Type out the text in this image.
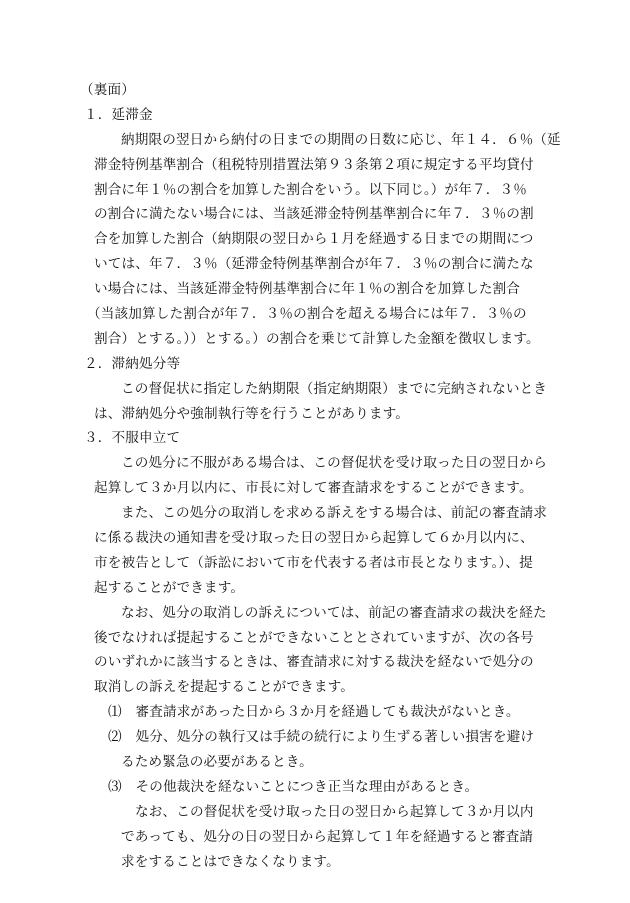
（裏面）
１．延滞金
納期限の翌日から納付の日までの期間の日数に応じ、年１４．６％（延
滞金特例基準割合（租税特別措置法第９３条第２項に規定する平均貸付
割合に年１％の割合を加算した割合をいう。以下同じ。）が年７．３％
の割合に満たない場合には、当該延滞金特例基準割合に年７．３％の割
合を加算した割合（納期限の翌日から１月を経過する日までの期間につ
いては、年７．３％（延滞金特例基準割合が年７．３％の割合に満たな
い場合には、当該延滞金特例基準割合に年１％の割合を加算した割合
（当該加算した割合が年７．３％の割合を超える場合には年７．３％の
割合）とする。））とする。）の割合を乗じて計算した金額を徴収します。
２．滞納処分等
この督促状に指定した納期限（指定納期限）までに完納されないとき
は、滞納処分や強制執行等を行うことがあります。
３．不服申立て
この処分に不服がある場合は、この督促状を受け取った日の翌日から
起算して３か月以内に、市長に対して審査請求をすることができます。
また、この処分の取消しを求める訴えをする場合は、前記の審査請求
に係る裁決の通知書を受け取った日の翌日から起算して６か月以内に、
市を被告として（訴訟において市を代表する者は市長となります。）、提
起することができます。
なお、処分の取消しの訴えについては、前記の審査請求の裁決を経た
後でなければ提起することができないこととされていますが、次の各号
のいずれかに該当するときは、審査請求に対する裁決を経ないで処分の
取消しの訴えを提起することができます。
⑴　 審査請求があった日から３か月を経過しても裁決がないとき。
⑵　 処分、処分の執行又は手続の続行により生ずる著しい損害を避け
るため緊急の必要があるとき。
⑶　 その他裁決を経ないことにつき正当な理由があるとき。
なお、この督促状を受け取った日の翌日から起算して３か月以内
であっても、処分の日の翌日から起算して１年を経過すると審査請
求をすることはできなくなります。
